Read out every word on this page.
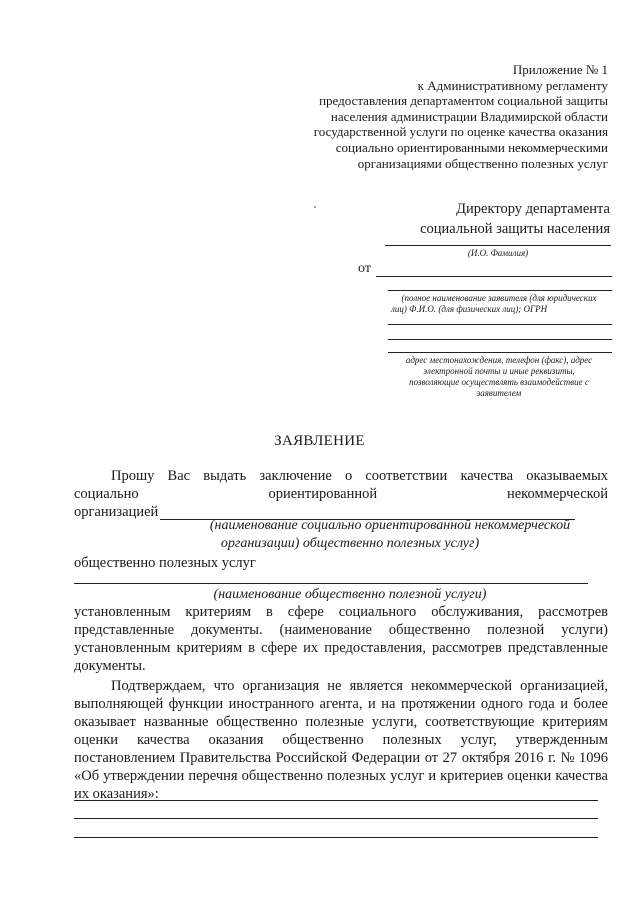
Приложение № 1
к Административному регламенту
предоставления департаментом социальной защиты
населения администрации Владимирской области
государственной услуги по оценке качества оказания
социально ориентированными некоммерческими
организациями общественно полезных услуг
Директору департамента
социальной защиты населения
(И.О. Фамилия)
от
(полное наименование заявителя (для юридических
лиц) Ф.И.О. (для физических лиц); ОГРН
адрес местонахождения, телефон (факс), адрес
электронной почты и иные реквизиты,
позволяющие осуществлять взаимодействие с
заявителем
ЗАЯВЛЕНИЕ
Прошу Вас выдать заключение о соответствии качества оказываемых
социально	ориентированной	некоммерческой
организацией
(наименование социально ориентированной некоммерческой
организации) общественно полезных услуг)
общественно полезных услуг
(наименование общественно полезной услуги)
установленным критериям в сфере социального обслуживания, рассмотрев
представленные документы. (наименование общественно полезной услуги)
установленным критериям в сфере их предоставления, рассмотрев представленные
документы.
Подтверждаем, что организация не является некоммерческой организацией,
выполняющей функции иностранного агента, и на протяжении одного года и более
оказывает названные общественно полезные услуги, соответствующие критериям
оценки качества оказания общественно полезных услуг, утвержденным
постановлением Правительства Российской Федерации от 27 октября 2016 г. № 1096
«Об утверждении перечня общественно полезных услуг и критериев оценки качества
их оказания»:
